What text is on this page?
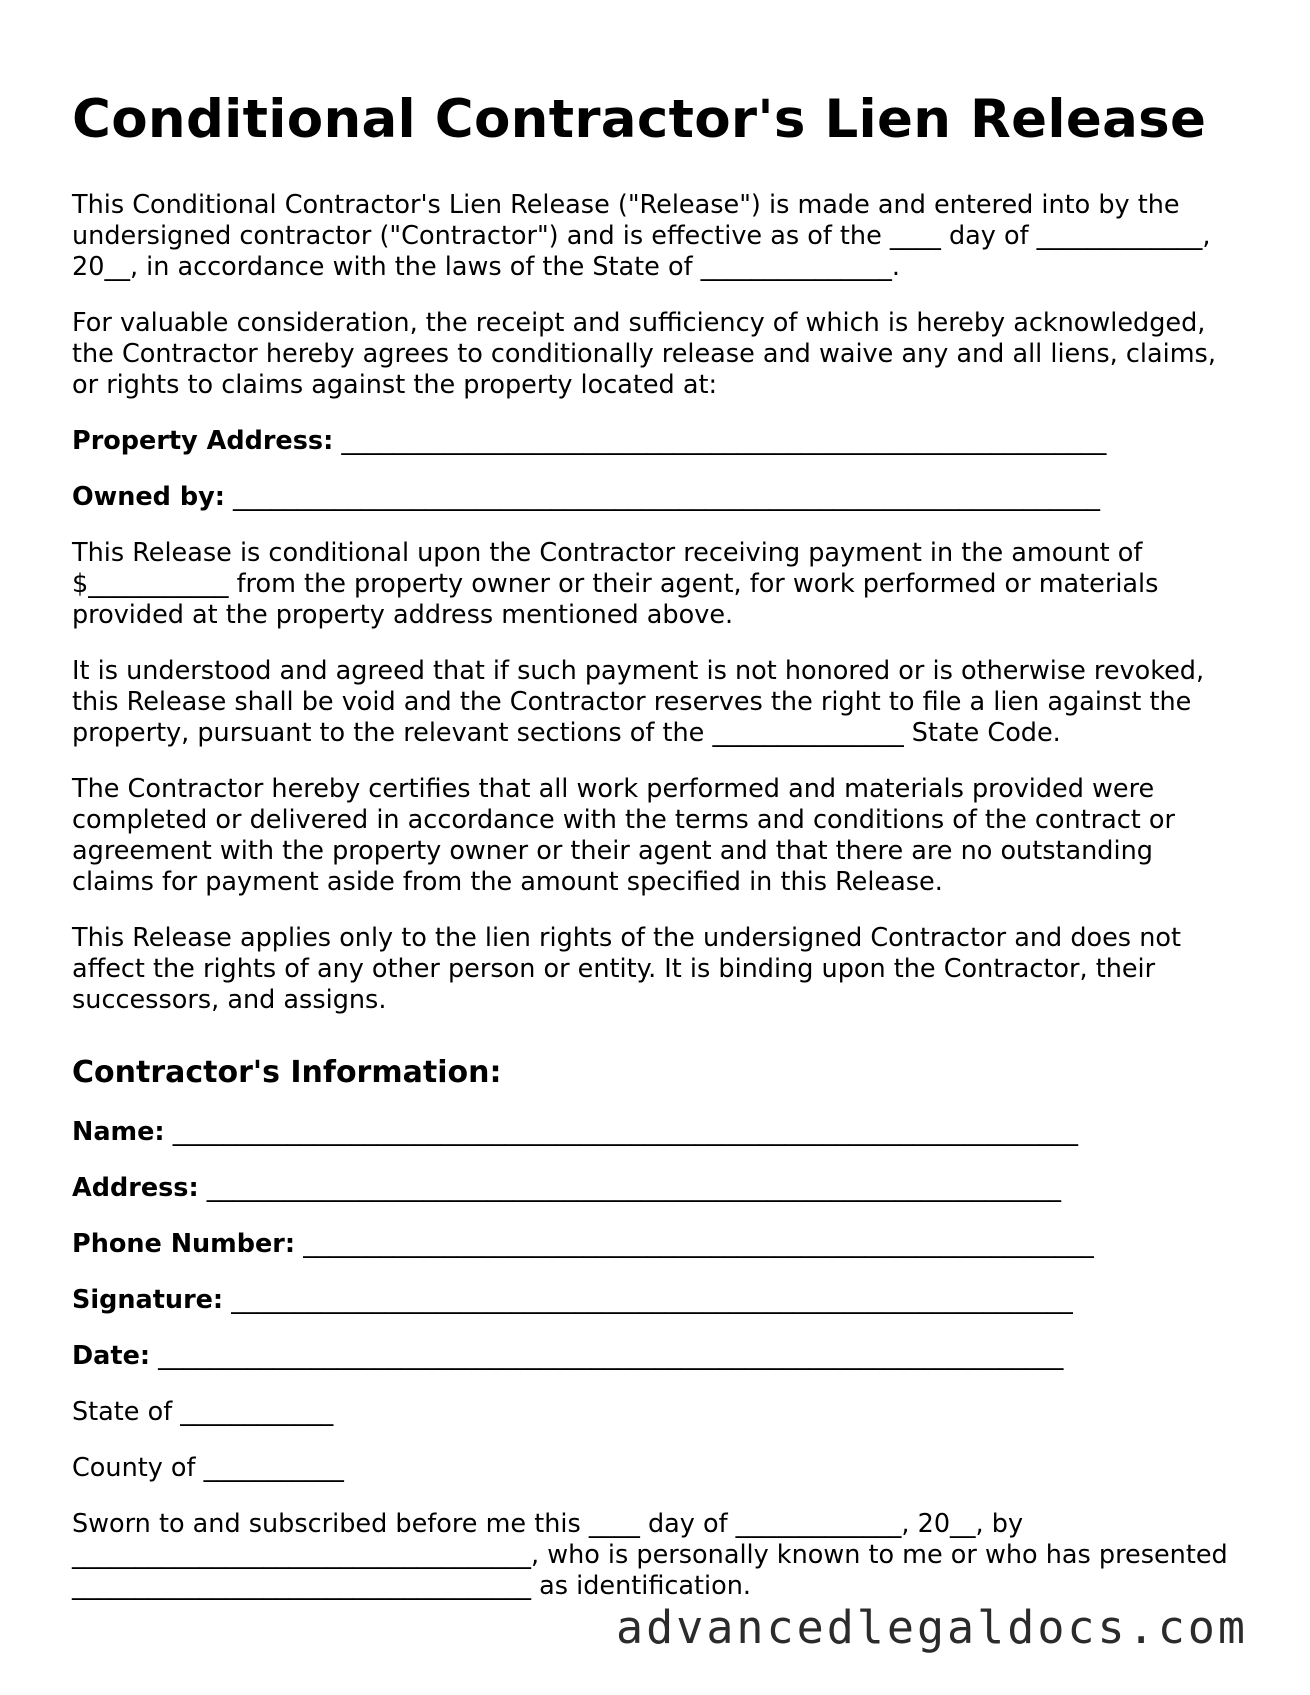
Conditional Contractor's Lien Release

This Conditional Contractor's Lien Release ("Release") is made and entered into by the undersigned contractor ("Contractor") and is effective as of the ____ day of _____________, 20__, in accordance with the laws of the State of _______________.

For valuable consideration, the receipt and sufficiency of which is hereby acknowledged, the Contractor hereby agrees to conditionally release and waive any and all liens, claims, or rights to claims against the property located at:

Property Address: ____________________________________________________________
Owned by: ____________________________________________________________________

This Release is conditional upon the Contractor receiving payment in the amount of $___________ from the property owner or their agent, for work performed or materials provided at the property address mentioned above.

It is understood and agreed that if such payment is not honored or is otherwise revoked, this Release shall be void and the Contractor reserves the right to file a lien against the property, pursuant to the relevant sections of the _______________ State Code.

The Contractor hereby certifies that all work performed and materials provided were completed or delivered in accordance with the terms and conditions of the contract or agreement with the property owner or their agent and that there are no outstanding claims for payment aside from the amount specified in this Release.

This Release applies only to the lien rights of the undersigned Contractor and does not affect the rights of any other person or entity. It is binding upon the Contractor, their successors, and assigns.

Contractor's Information:
Name: _______________________________________________________________________
Address: ___________________________________________________________________
Phone Number: ______________________________________________________________
Signature: __________________________________________________________________
Date: _______________________________________________________________________

State of ____________

County of ___________

Sworn to and subscribed before me this ____ day of _____________, 20__, by ____________________________________, who is personally known to me or who has presented ____________________________________ as identification.

advancedlegaldocs.com
